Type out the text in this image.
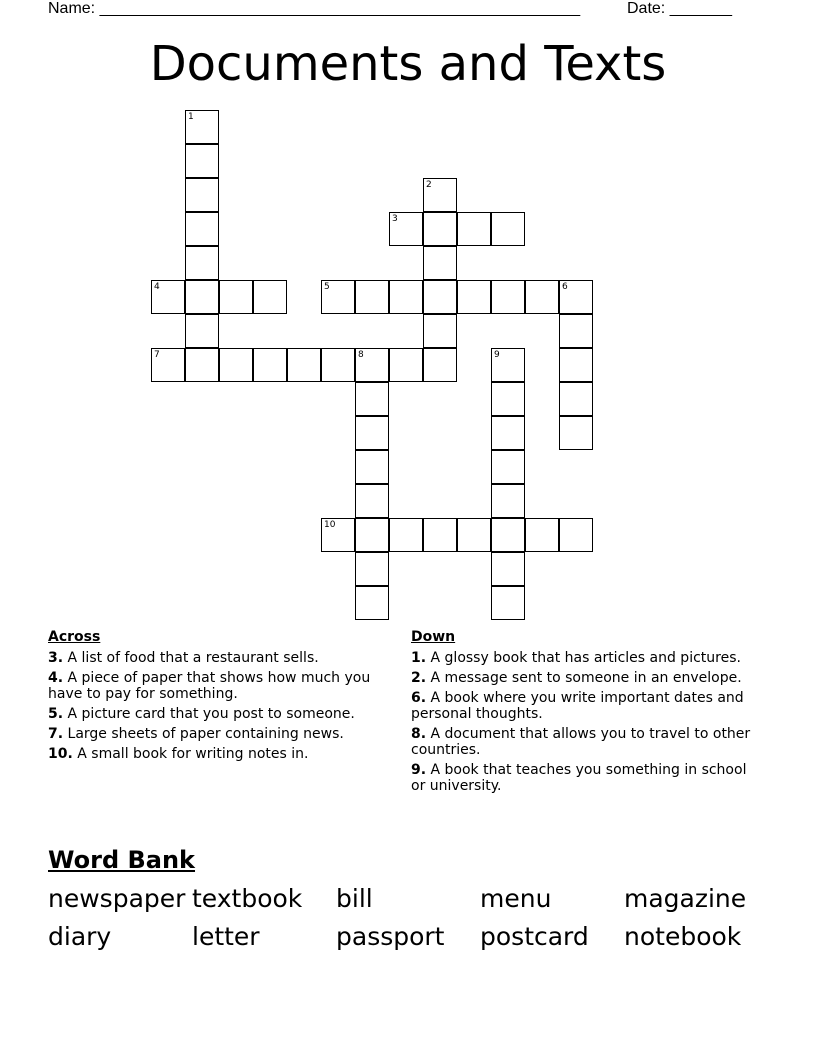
Name: ______________________________________________________	Date: _______
Documents and Texts
1
2
3
4	5	6
7	8	9
10
Across
3. A list of food that a restaurant sells.
4. A piece of paper that shows how much you have to pay for something.
5. A picture card that you post to someone.
7. Large sheets of paper containing news.
10. A small book for writing notes in.
Down
1. A glossy book that has articles and pictures.
2. A message sent to someone in an envelope.
6. A book where you write important dates and personal thoughts.
8. A document that allows you to travel to other countries.
9. A book that teaches you something in school or university.
Word Bank
newspaper textbook bill	menu	magazine
diary	letter	passport postcard notebook
